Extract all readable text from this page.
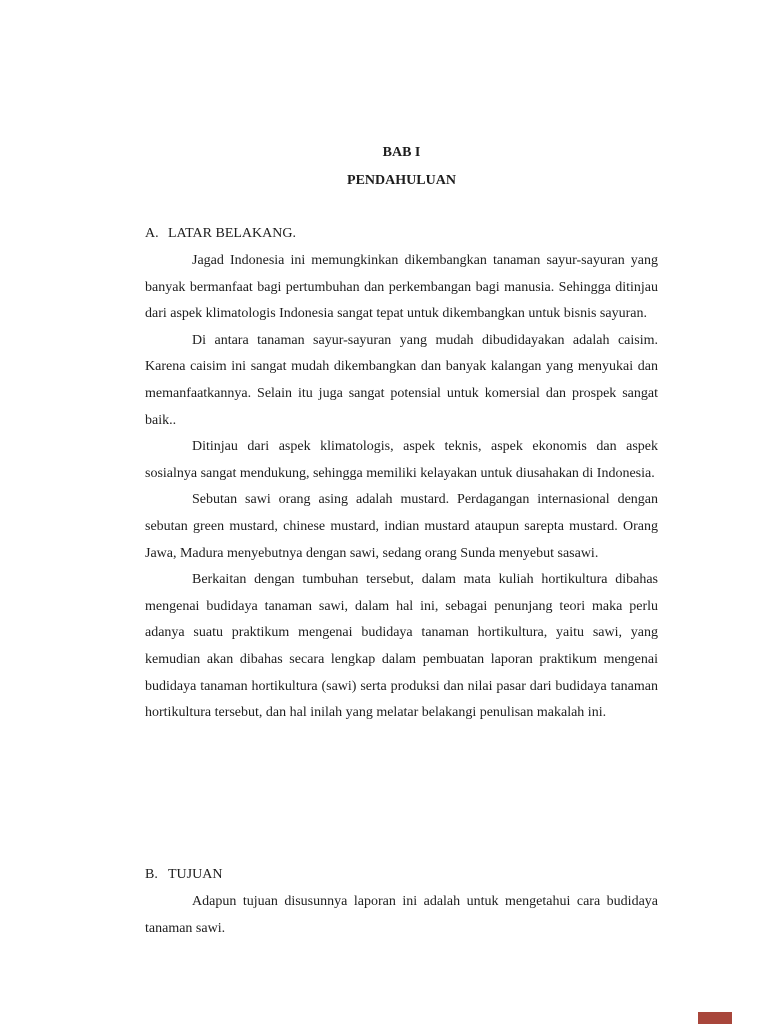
BAB I

PENDAHULUAN

A. LATAR BELAKANG.

Jagad Indonesia ini memungkinkan dikembangkan tanaman sayur-sayuran yang banyak bermanfaat bagi pertumbuhan dan perkembangan bagi manusia. Sehingga ditinjau dari aspek klimatologis Indonesia sangat tepat untuk dikembangkan untuk bisnis sayuran.

Di antara tanaman sayur-sayuran yang mudah dibudidayakan adalah caisim. Karena caisim ini sangat mudah dikembangkan dan banyak kalangan yang menyukai dan memanfaatkannya. Selain itu juga sangat potensial untuk komersial dan prospek sangat baik..

Ditinjau dari aspek klimatologis, aspek teknis, aspek ekonomis dan aspek sosialnya sangat mendukung, sehingga memiliki kelayakan untuk diusahakan di Indonesia.

Sebutan sawi orang asing adalah mustard. Perdagangan internasional dengan sebutan green mustard, chinese mustard, indian mustard ataupun sarepta mustard. Orang Jawa, Madura menyebutnya dengan sawi, sedang orang Sunda menyebut sasawi.

Berkaitan dengan tumbuhan tersebut, dalam mata kuliah hortikultura dibahas mengenai budidaya tanaman sawi, dalam hal ini, sebagai penunjang teori maka perlu adanya suatu praktikum mengenai budidaya tanaman hortikultura, yaitu sawi, yang kemudian akan dibahas secara lengkap dalam pembuatan laporan praktikum mengenai budidaya tanaman hortikultura (sawi) serta produksi dan nilai pasar dari budidaya tanaman hortikultura tersebut, dan hal inilah yang melatar belakangi penulisan makalah ini.

B. TUJUAN

Adapun tujuan disusunnya laporan ini adalah untuk mengetahui cara budidaya tanaman sawi.
